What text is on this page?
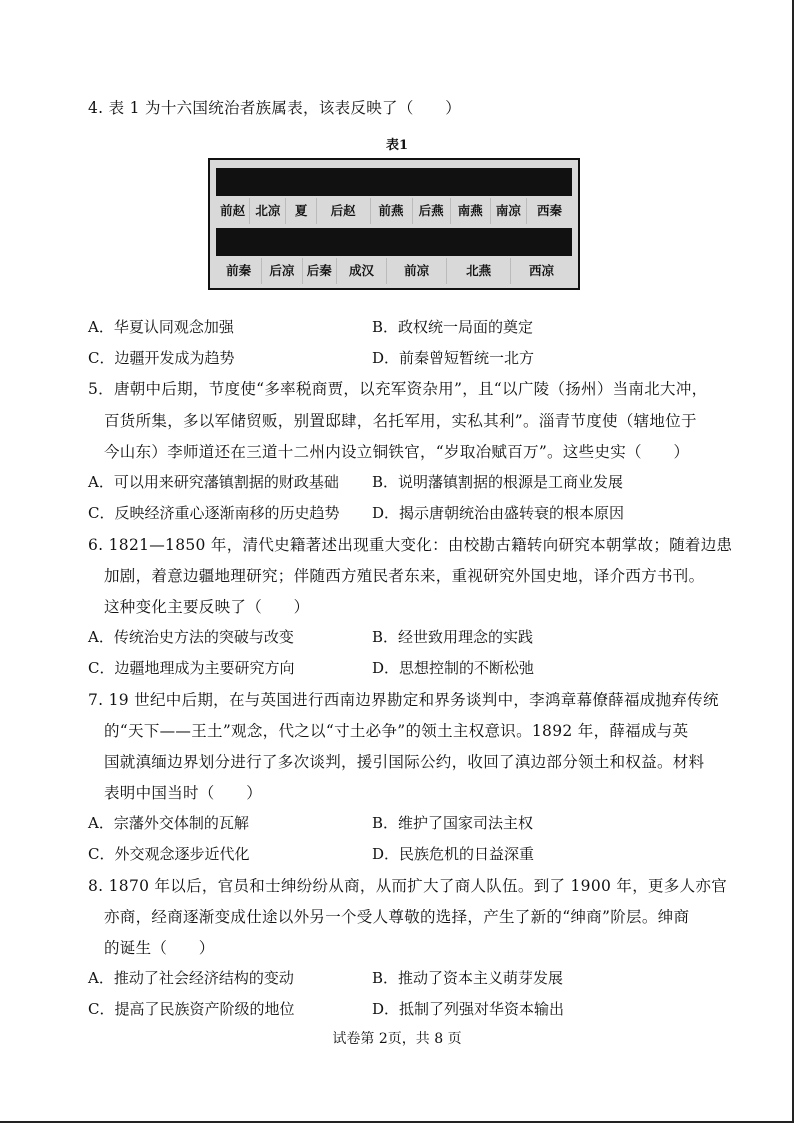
4. 表 1 为十六国统治者族属表，该表反映了（　　）
表1
前赵 北凉	夏	后赵	前燕	后燕	南燕	南凉	西秦
前秦	后凉 后秦	成汉	前凉	北燕	西凉
A．华夏认同观念加强	B．政权统一局面的奠定
C．边疆开发成为趋势	D．前秦曾短暂统一北方
5．唐朝中后期，节度使“多率税商贾，以充军资杂用”，且“以广陵（扬州）当南北大冲，
百货所集，多以军储贸贩，别置邸肆，名托军用，实私其利”。淄青节度使（辖地位于
今山东）李师道还在三道十二州内设立铜铁官，“岁取冶赋百万”。这些史实（　　）
A．可以用来研究藩镇割据的财政基础 B．说明藩镇割据的根源是工商业发展
C．反映经济重心逐渐南移的历史趋势 D．揭示唐朝统治由盛转衰的根本原因
6. 1821—1850 年，清代史籍著述出现重大变化：由校勘古籍转向研究本朝掌故；随着边患
加剧，着意边疆地理研究；伴随西方殖民者东来，重视研究外国史地，译介西方书刊。
这种变化主要反映了（　　）
A．传统治史方法的突破与改变	B．经世致用理念的实践
C．边疆地理成为主要研究方向	D．思想控制的不断松弛
7. 19 世纪中后期，在与英国进行西南边界勘定和界务谈判中，李鸿章幕僚薛福成抛弃传统
的“天下——王土”观念，代之以“寸土必争”的领土主权意识。1892 年，薛福成与英
国就滇缅边界划分进行了多次谈判，援引国际公约，收回了滇边部分领土和权益。材料
表明中国当时（　　）
A．宗藩外交体制的瓦解	B．维护了国家司法主权
C．外交观念逐步近代化	D．民族危机的日益深重
8. 1870 年以后，官员和士绅纷纷从商，从而扩大了商人队伍。到了 1900 年，更多人亦官
亦商，经商逐渐变成仕途以外另一个受人尊敬的选择，产生了新的“绅商”阶层。绅商
的诞生（　　）
A．推动了社会经济结构的变动	B．推动了资本主义萌芽发展
C．提高了民族资产阶级的地位	D．抵制了列强对华资本输出
试卷第 2页，共 8 页
